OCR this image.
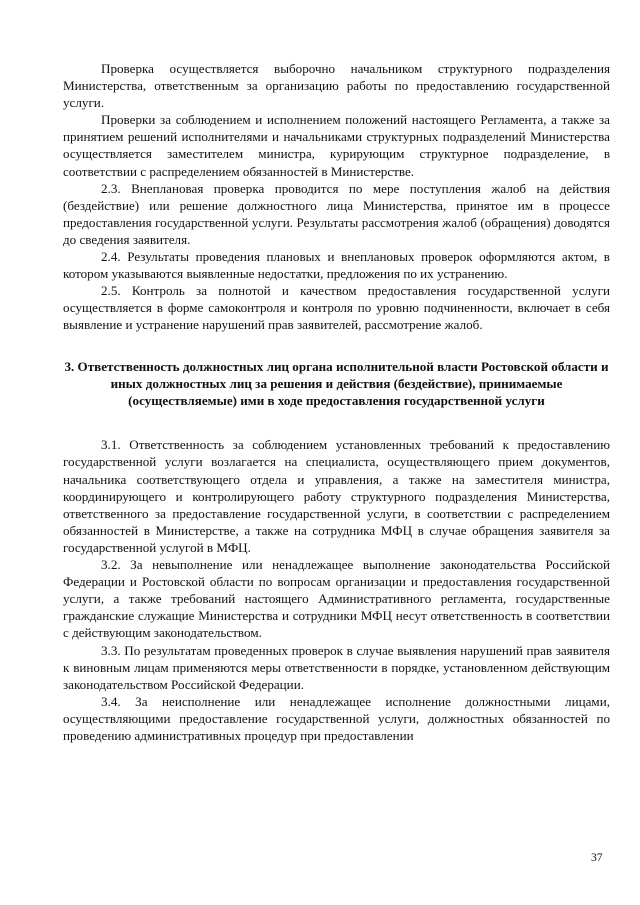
Проверка осуществляется выборочно начальником структурного подразделения Министерства, ответственным за организацию работы по предоставлению государственной услуги.

Проверки за соблюдением и исполнением положений настоящего Регламента, а также за принятием решений исполнителями и начальниками структурных подразделений Министерства осуществляется заместителем министра, курирующим структурное подразделение, в соответствии с распределением обязанностей в Министерстве.

2.3. Внеплановая проверка проводится по мере поступления жалоб на действия (бездействие) или решение должностного лица Министерства, принятое им в процессе предоставления государственной услуги. Результаты рассмотрения жалоб (обращения) доводятся до сведения заявителя.

2.4. Результаты проведения плановых и внеплановых проверок оформляются актом, в котором указываются выявленные недостатки, предложения по их устранению.

2.5. Контроль за полнотой и качеством предоставления государственной услуги осуществляется в форме самоконтроля и контроля по уровню подчиненности, включает в себя выявление и устранение нарушений прав заявителей, рассмотрение жалоб.

3. Ответственность должностных лиц органа исполнительной власти Ростовской области и иных должностных лиц за решения и действия (бездействие), принимаемые (осуществляемые) ими в ходе предоставления государственной услуги

3.1. Ответственность за соблюдением установленных требований к предоставлению государственной услуги возлагается на специалиста, осуществляющего прием документов, начальника соответствующего отдела и управления, а также на заместителя министра, координирующего и контролирующего работу структурного подразделения Министерства, ответственного за предоставление государственной услуги, в соответствии с распределением обязанностей в Министерстве, а также на сотрудника МФЦ в случае обращения заявителя за государственной услугой в МФЦ.

3.2. За невыполнение или ненадлежащее выполнение законодательства Российской Федерации и Ростовской области по вопросам организации и предоставления государственной услуги, а также требований настоящего Административного регламента, государственные гражданские служащие Министерства и сотрудники МФЦ несут ответственность в соответствии с действующим законодательством.

3.3. По результатам проведенных проверок в случае выявления нарушений прав заявителя к виновным лицам применяются меры ответственности в порядке, установленном действующим законодательством Российской Федерации.

3.4. За неисполнение или ненадлежащее исполнение должностными лицами, осуществляющими предоставление государственной услуги, должностных обязанностей по проведению административных процедур при предоставлении

37
